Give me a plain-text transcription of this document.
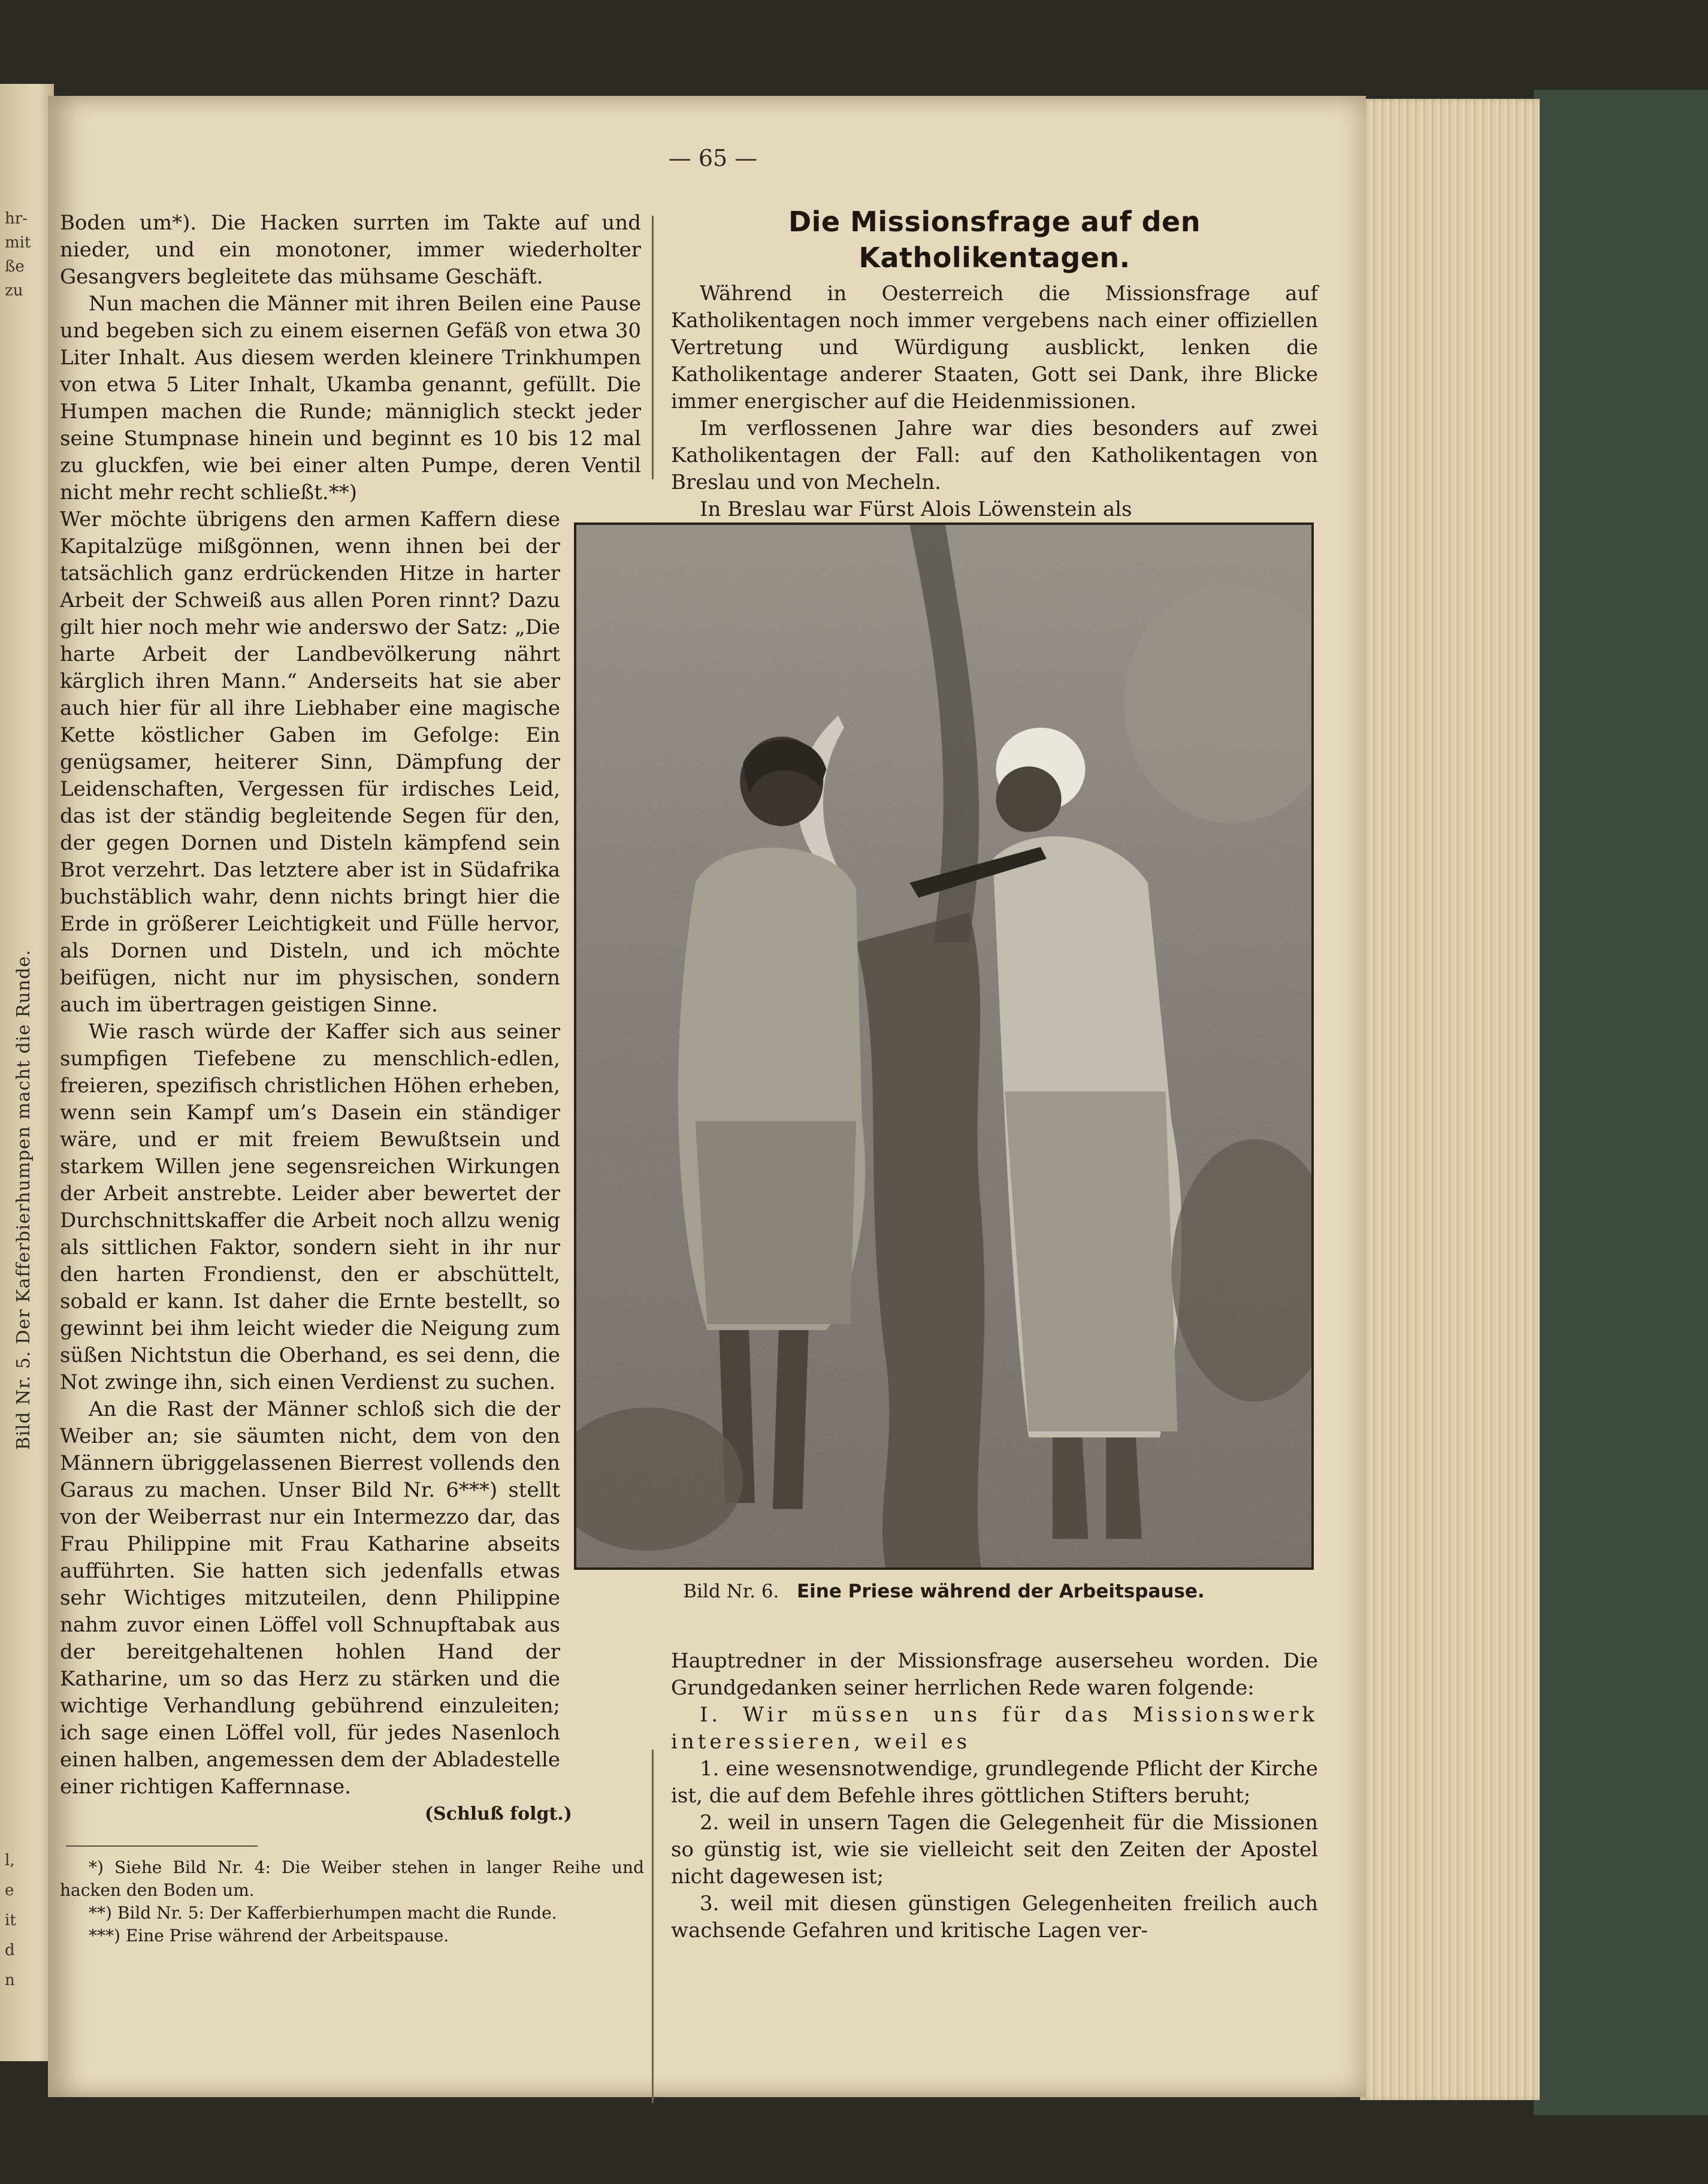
hr-
mit
ße
zu
l,
e
it
d
n
Bild Nr. 5. Der Kafferbierhumpen macht die Runde.
— 65 —

Boden um*). Die Hacken surrten im Takte auf und nieder, und ein monotoner, immer wiederholter Gesangvers begleitete das mühsame Geschäft.

Nun machen die Männer mit ihren Beilen eine Pause und begeben sich zu einem eisernen Gefäß von etwa 30 Liter Inhalt. Aus diesem werden kleinere Trinkhumpen von etwa 5 Liter Inhalt, Ukamba genannt, gefüllt. Die Humpen machen die Runde; männiglich steckt jeder seine Stumpnase hinein und beginnt es 10 bis 12 mal zu gluckfen, wie bei einer alten Pumpe, deren Ventil nicht mehr recht schließt.**)

Wer möchte übrigens den armen Kaffern diese Kapitalzüge mißgönnen, wenn ihnen bei der tatsächlich ganz erdrückenden Hitze in harter Arbeit der Schweiß aus allen Poren rinnt? Dazu gilt hier noch mehr wie anderswo der Satz: „Die harte Arbeit der Landbevölkerung nährt kärglich ihren Mann.“ Anderseits hat sie aber auch hier für all ihre Liebhaber eine magische Kette köstlicher Gaben im Gefolge: Ein genügsamer, heiterer Sinn, Dämpfung der Leidenschaften, Vergessen für irdisches Leid, das ist der ständig begleitende Segen für den, der gegen Dornen und Disteln kämpfend sein Brot verzehrt. Das letztere aber ist in Südafrika buchstäblich wahr, denn nichts bringt hier die Erde in größerer Leichtigkeit und Fülle hervor, als Dornen und Disteln, und ich möchte beifügen, nicht nur im physischen, sondern auch im übertragen geistigen Sinne.

Wie rasch würde der Kaffer sich aus seiner sumpfigen Tiefebene zu menschlich-edlen, freieren, spezifisch christlichen Höhen erheben, wenn sein Kampf um’s Dasein ein ständiger wäre, und er mit freiem Bewußtsein und starkem Willen jene segensreichen Wirkungen der Arbeit anstrebte. Leider aber bewertet der Durchschnittskaffer die Arbeit noch allzu wenig als sittlichen Faktor, sondern sieht in ihr nur den harten Frondienst, den er abschüttelt, sobald er kann. Ist daher die Ernte bestellt, so gewinnt bei ihm leicht wieder die Neigung zum süßen Nichtstun die Oberhand, es sei denn, die Not zwinge ihn, sich einen Verdienst zu suchen.

An die Rast der Männer schloß sich die der Weiber an; sie säumten nicht, dem von den Männern übriggelassenen Bierrest vollends den Garaus zu machen. Unser Bild Nr. 6***) stellt von der Weiberrast nur ein Intermezzo dar, das Frau Philippine mit Frau Katharine abseits aufführten. Sie hatten sich jedenfalls etwas sehr Wichtiges mitzuteilen, denn Philippine nahm zuvor einen Löffel voll Schnupftabak aus der bereitgehaltenen hohlen Hand der Katharine, um so das Herz zu stärken und die wichtige Verhandlung gebührend einzuleiten; ich sage einen Löffel voll, für jedes Nasenloch einen halben, angemessen dem der Abladestelle einer richtigen Kaffernnase.

(Schluß folgt.)

*) Siehe Bild Nr. 4: Die Weiber stehen in langer Reihe und hacken den Boden um.

**) Bild Nr. 5: Der Kafferbierhumpen macht die Runde.

***) Eine Prise während der Arbeitspause.

Die Missionsfrage auf den Katholikentagen.

Während in Oesterreich die Missionsfrage auf Katholikentagen noch immer vergebens nach einer offiziellen Vertretung und Würdigung ausblickt, lenken die Katholikentage anderer Staaten, Gott sei Dank, ihre Blicke immer energischer auf die Heidenmissionen.

Im verflossenen Jahre war dies besonders auf zwei Katholikentagen der Fall: auf den Katholikentagen von Breslau und von Mecheln.

In Breslau war Fürst Alois Löwenstein als

Bild Nr. 6. Eine Priese während der Arbeitspause.

Hauptredner in der Missionsfrage auserseheu worden. Die Grundgedanken seiner herrlichen Rede waren folgende:

I. Wir müssen uns für das Missionswerk interessieren, weil es

1. eine wesensnotwendige, grundlegende Pflicht der Kirche ist, die auf dem Befehle ihres göttlichen Stifters beruht;

2. weil in unsern Tagen die Gelegenheit für die Missionen so günstig ist, wie sie vielleicht seit den Zeiten der Apostel nicht dagewesen ist;

3. weil mit diesen günstigen Gelegenheiten freilich auch wachsende Gefahren und kritische Lagen ver-
